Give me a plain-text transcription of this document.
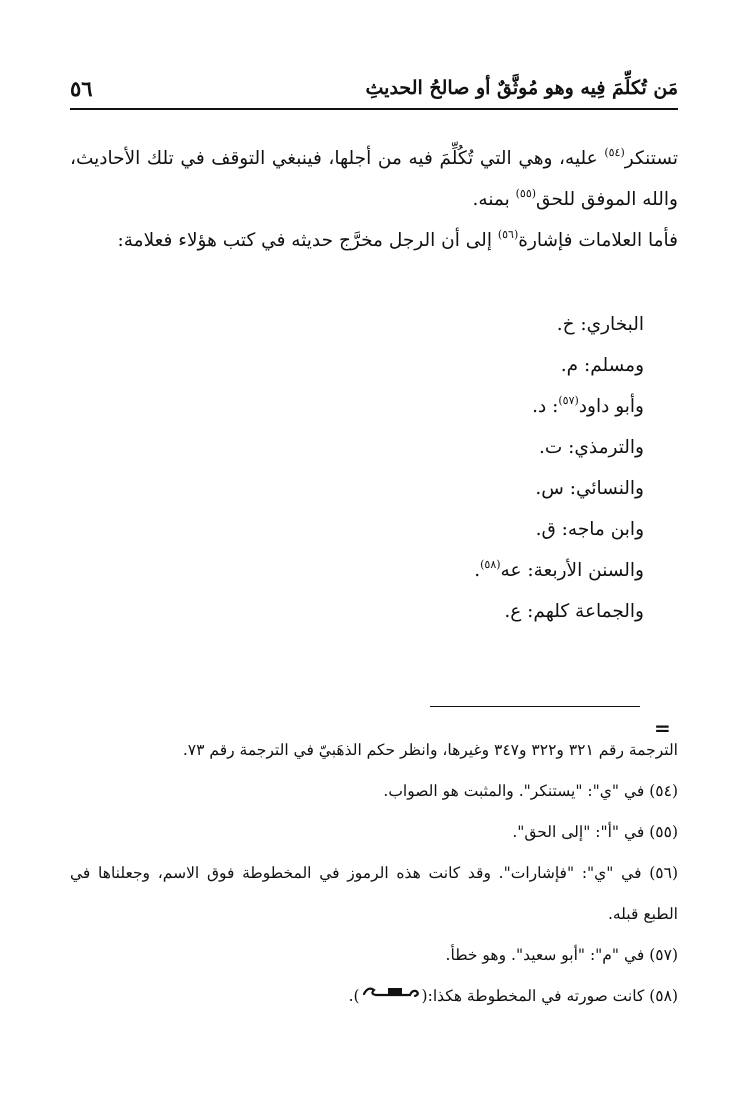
٥٦	مَن تُكلِّمَ فِيه وهو مُوثَّقٌ أو صالحُ الحديثِ

تستنكر$^{(٥٤)}$ عليه، وهي التي تُكُلِّمَ فيه من أجلها، فينبغي التوقف في تلك الأحاديث، والله الموفق للحق$^{(٥٥)}$ بمنه.

فأما العلامات فإشارة$^{(٥٦)}$ إلى أن الرجل مخرَّج حديثه في كتب هؤلاء فعلامة:

البخاري: خ.
ومسلم: م.
وأبو داود$^{(٥٧)}$: د.
والترمذي: ت.
والنسائي: س.
وابن ماجه: ق.
والسنن الأربعة: عه$^{(٥٨)}$.
والجماعة كلهم: ع.
=
الترجمة رقم ٣٢١ و٣٢٢ و٣٤٧ وغيرها، وانظر حكم الذهَبيّ في الترجمة رقم ٧٣.
(٥٤) في "ي": "يستنكر". والمثبت هو الصواب.
(٥٥) في "أ": "إلى الحق".
(٥٦) في "ي": "فإشارات". وقد كانت هذه الرموز في المخطوطة فوق الاسم، وجعلناها في الطبع قبله.
(٥٧) في "م": "أبو سعيد". وهو خطأ.
(٥٨) كانت صورته في المخطوطة هكذا:().
